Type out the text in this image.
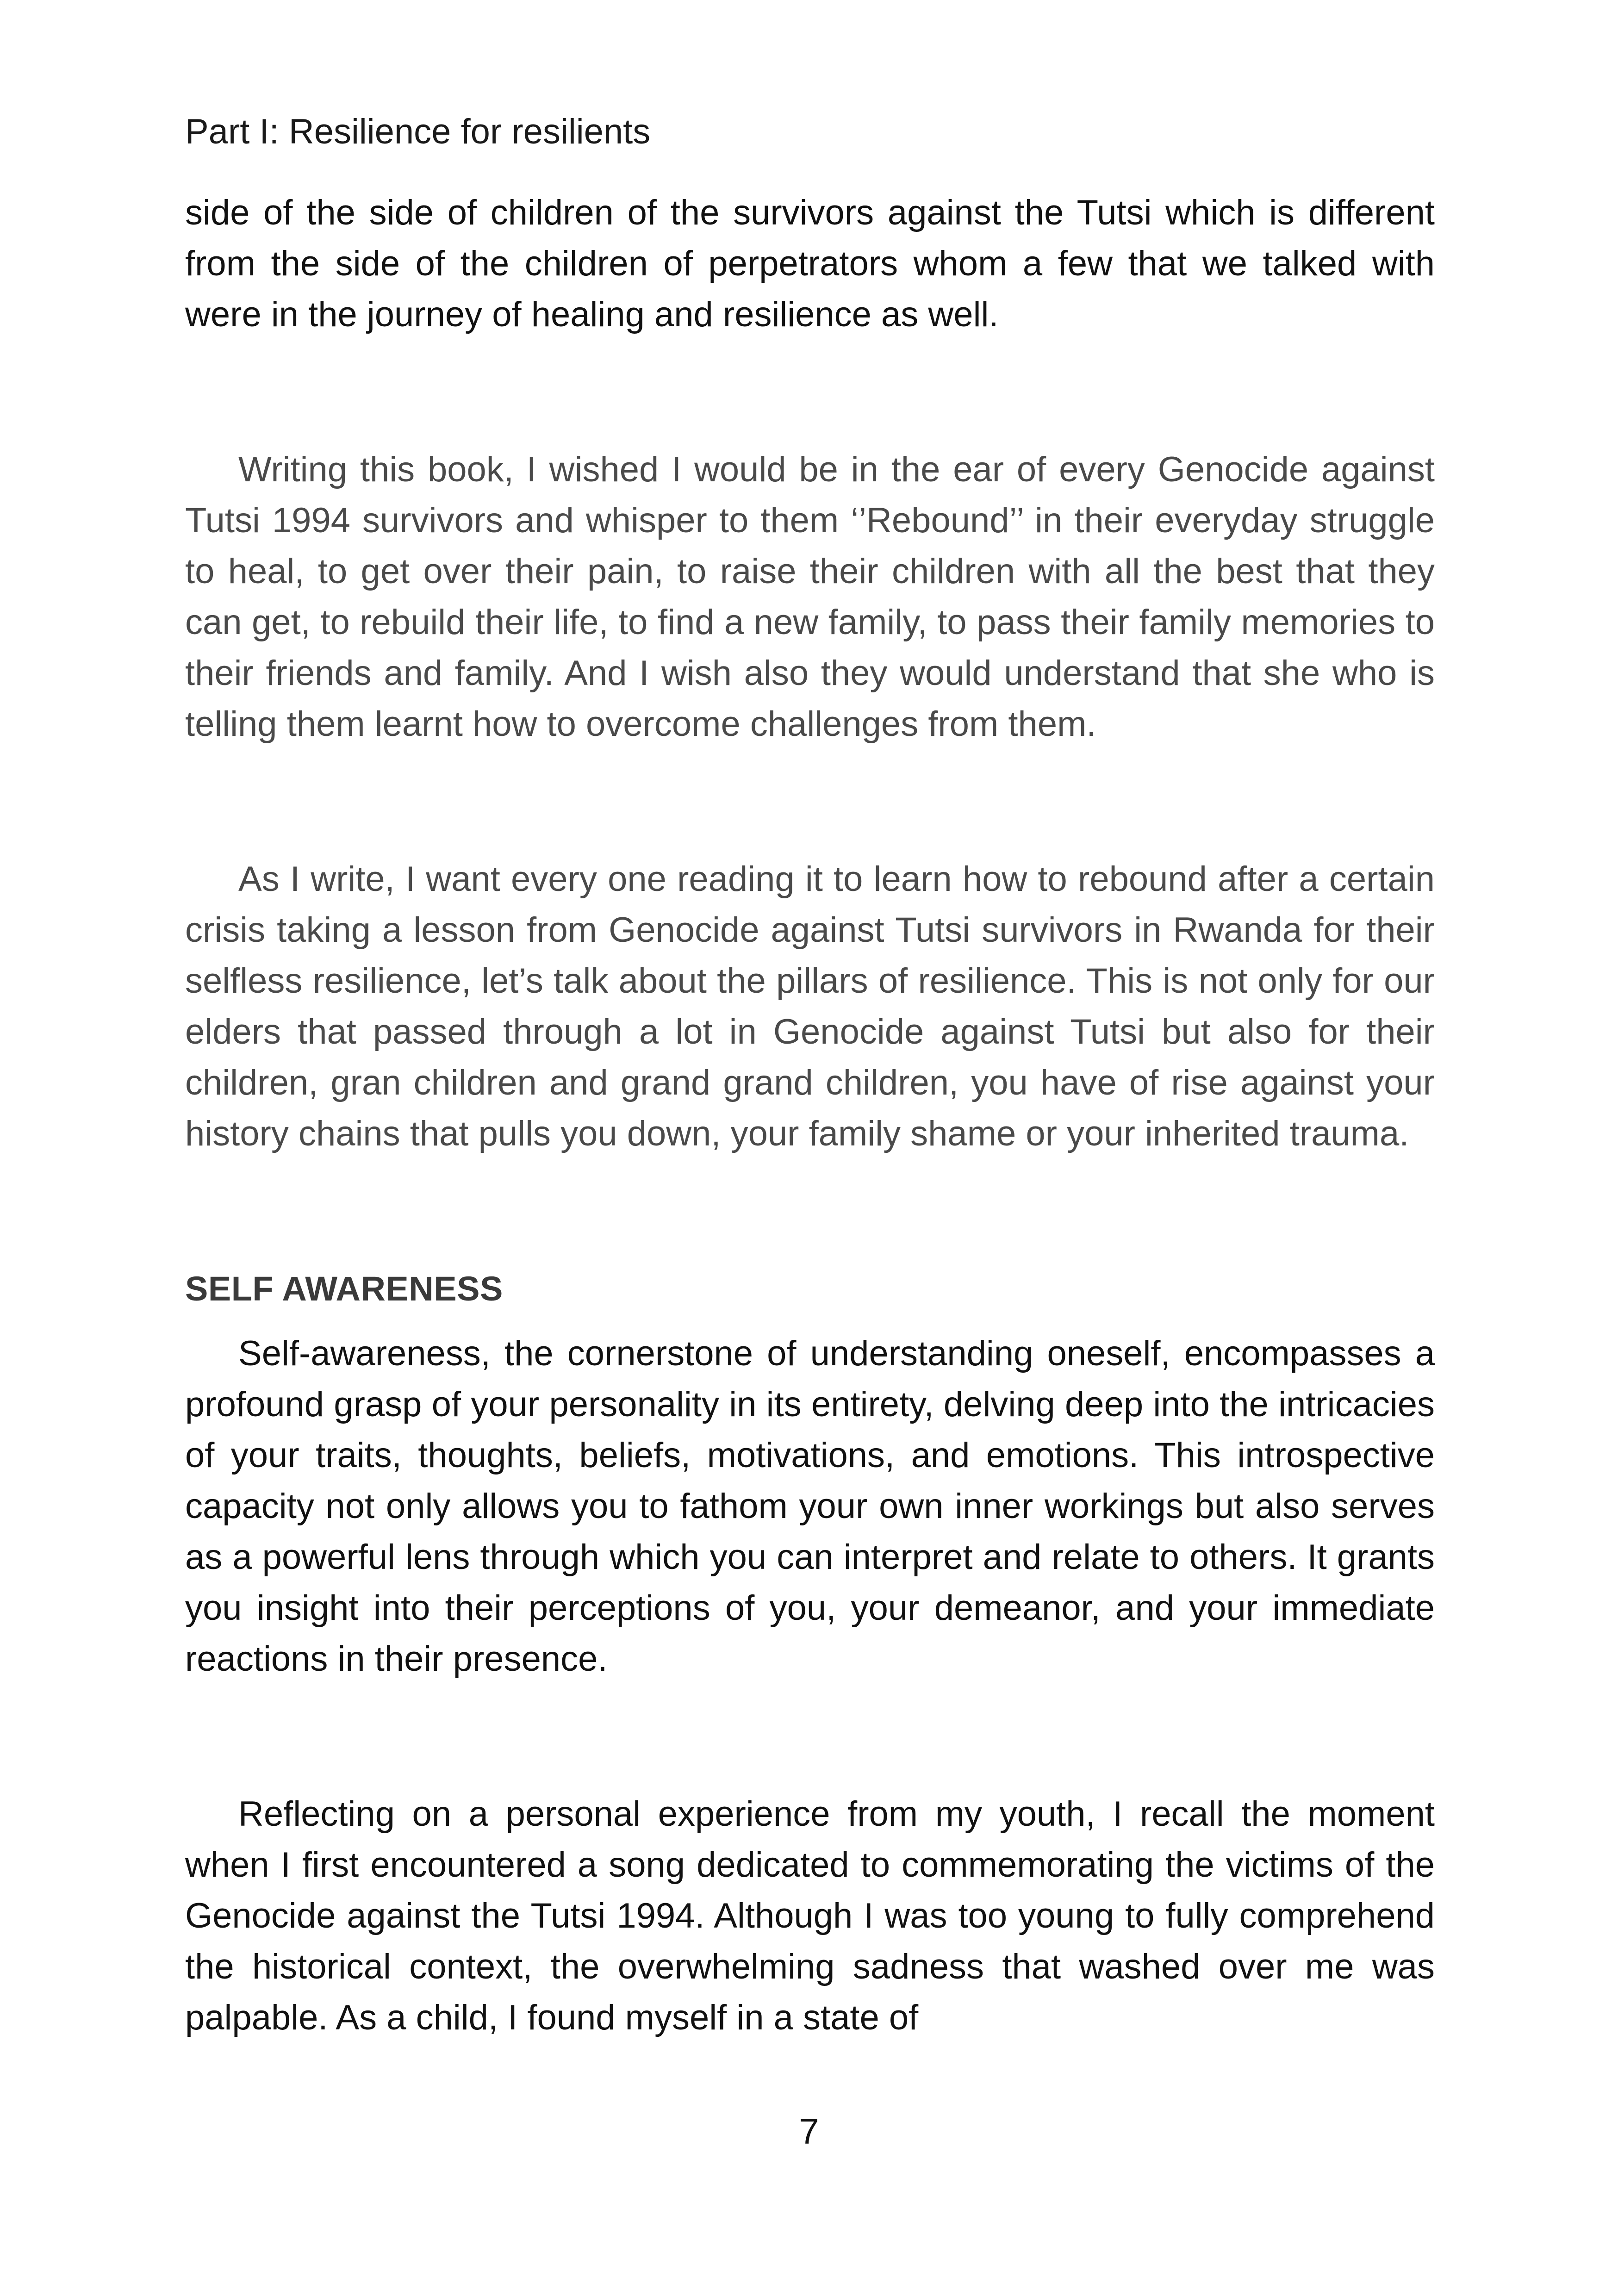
Part I: Resilience for resilients

side of the side of children of the survivors against the Tutsi which is different from the side of the children of perpetrators whom a few that we talked with were in the journey of healing and resilience as well.

Writing this book, I wished I would be in the ear of every Genocide against Tutsi 1994 survivors and whisper to them ‘’Rebound’’ in their everyday struggle to heal, to get over their pain, to raise their children with all the best that they can get, to rebuild their life, to find a new family, to pass their family memories to their friends and family. And I wish also they would understand that she who is telling them learnt how to overcome challenges from them.

As I write, I want every one reading it to learn how to rebound after a certain crisis taking a lesson from Genocide against Tutsi survivors in Rwanda for their selfless resilience, let’s talk about the pillars of resilience. This is not only for our elders that passed through a lot in Genocide against Tutsi but also for their children, gran children and grand grand children, you have of rise against your history chains that pulls you down, your family shame or your inherited trauma.

SELF AWARENESS

Self-awareness, the cornerstone of understanding oneself, encompasses a profound grasp of your personality in its entirety, delving deep into the intricacies of your traits, thoughts, beliefs, motivations, and emotions. This introspective capacity not only allows you to fathom your own inner workings but also serves as a powerful lens through which you can interpret and relate to others. It grants you insight into their perceptions of you, your demeanor, and your immediate reactions in their presence.

Reflecting on a personal experience from my youth, I recall the moment when I first encountered a song dedicated to commemorating the victims of the Genocide against the Tutsi 1994. Although I was too young to fully comprehend the historical context, the overwhelming sadness that washed over me was palpable. As a child, I found myself in a state of

7
